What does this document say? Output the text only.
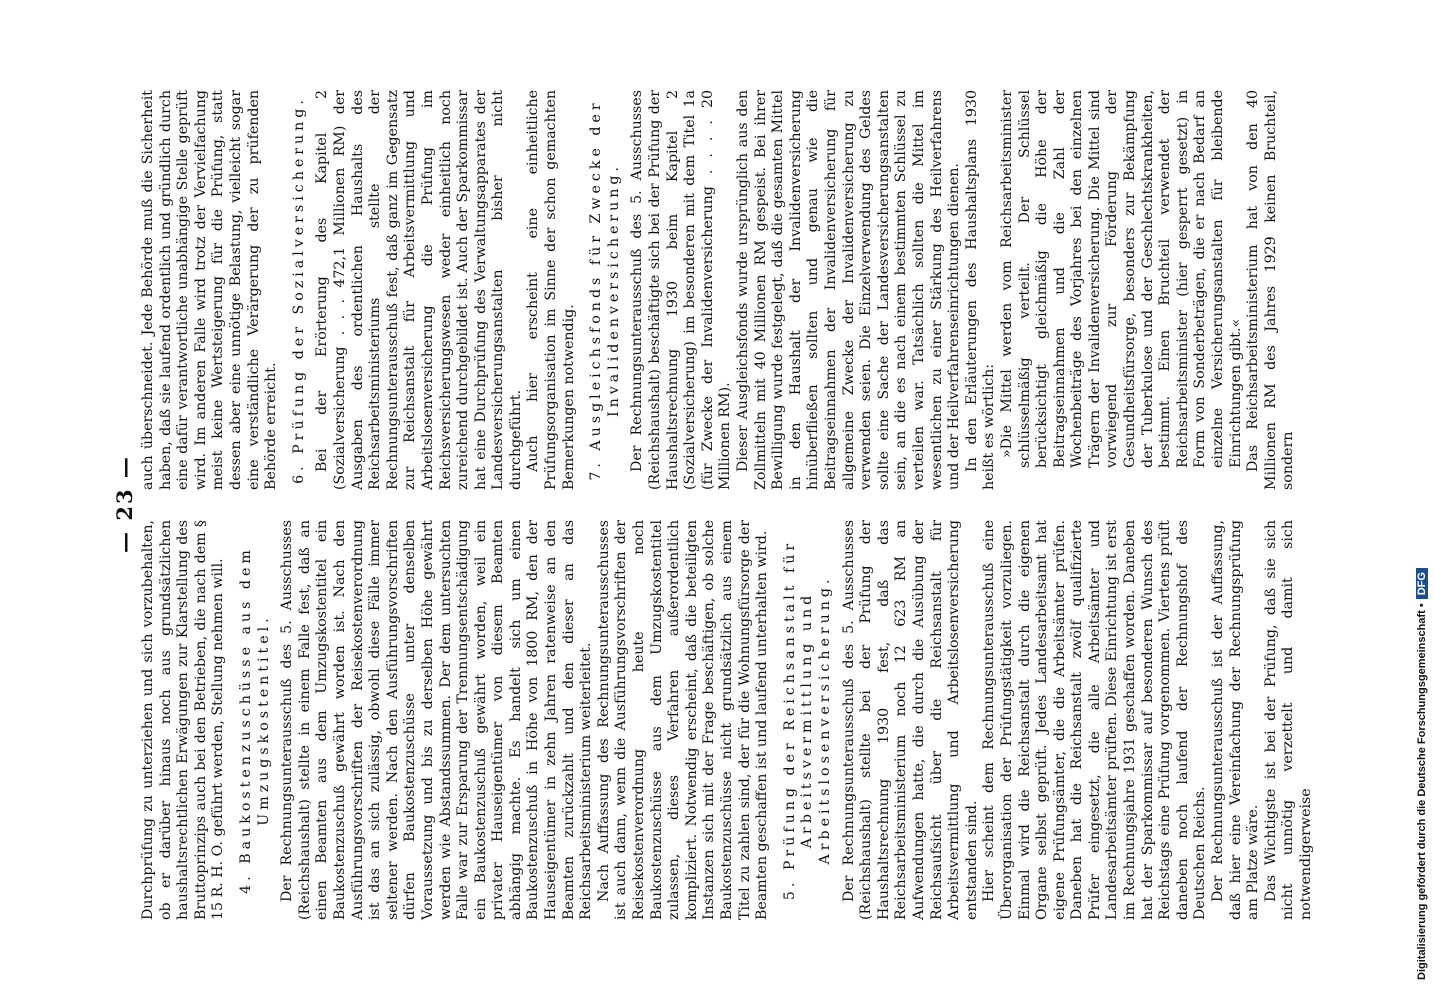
— 23 —

Durchprüfung zu unterziehen und sich vorzubehalten, ob er darüber hinaus noch aus grundsätzlichen haushaltsrechtlichen Erwägungen zur Klarstellung des Bruttoprinzips auch bei den Betrieben, die nach dem § 15 R. H. O. geführt werden, Stellung nehmen will. 4. Baukostenzuschüsse aus dem Umzugskostentitel. Der Rechnungsunterausschuß des 5. Ausschusses (Reichshaushalt) stellte in einem Falle fest, daß an einen Beamten aus dem Umzugskostentitel ein Baukostenzuschuß gewährt worden ist. Nach den Ausführungsvorschriften der Reisekostenverordnung ist das an sich zulässig, obwohl diese Fälle immer seltener werden. Nach den Ausführungsvorschriften dürfen Baukostenzuschüsse unter denselben Voraussetzung und bis zu derselben Höhe gewährt werden wie Abstandssummen. Der dem untersuchten Falle war zur Ersparung der Trennungsentschädigung ein Baukostenzuschuß gewährt worden, weil ein privater Hauseigentümer von diesem Beamten abhängig machte. Es handelt sich um einen Baukostenzuschuß in Höhe von 1800 RM, den der Hauseigentümer in zehn Jahren ratenweise an den Beamten zurückzahlt und den dieser an das Reichsarbeitsministerium weiterleitet. Nach Auffassung des Rechnungsunterausschusses ist auch dann, wenn die Ausführungsvorschriften der Reisekostenverordnung heute noch Baukostenzuschüsse aus dem Umzugskostentitel zulassen, dieses Verfahren außerordentlich kompliziert. Notwendig erscheint, daß die beteiligten Instanzen sich mit der Frage beschäftigen, ob solche Baukostenzuschüsse nicht grundsätzlich aus einem Titel zu zahlen sind, der für die Wohnungsfürsorge der Beamten geschaffen ist und laufend unterhalten wird. 5. Prüfung der Reichsanstalt für Arbeitsvermittlung und Arbeitslosenversicherung. Der Rechnungsunterausschuß des 5. Ausschusses (Reichshaushalt) stellte bei der Prüfung der Haushaltsrechnung 1930 fest, daß das Reichsarbeitsministerium noch 12 623 RM an Aufwendungen hatte, die durch die Ausübung der Reichsaufsicht über die Reichsanstalt für Arbeitsvermittlung und Arbeitslosenversicherung entstanden sind. Hier scheint dem Rechnungsunterausschuß eine Überorganisation der Prüfungstätigkeit vorzuliegen. Einmal wird die Reichsanstalt durch die eigenen Organe selbst geprüft. Jedes Landesarbeitsamt hat eigene Prüfungsämter, die die Arbeitsämter prüfen. Daneben hat die Reichsanstalt zwölf qualifizierte Prüfer eingesetzt, die alle Arbeitsämter und Landesarbeitsämter prüften. Diese Einrichtung ist erst im Rechnungsjahre 1931 geschaffen worden. Daneben hat der Sparkommissar auf besonderen Wunsch des Reichstags eine Prüfung vorgenommen. Viertens prüft daneben noch laufend der Rechnungshof des Deutschen Reichs. Der Rechnungsunterausschuß ist der Auffassung, daß hier eine Vereinfachung der Rechnungsprüfung am Platze wäre. Das Wichtigste ist bei der Prüfung, daß sie sich nicht unnötig verzettelt und damit sich notwendigerweise

auch überschneidet. Jede Behörde muß die Sicherheit haben, daß sie laufend ordentlich und gründlich durch eine dafür verantwortliche unabhängige Stelle geprüft wird. Im anderen Falle wird trotz der Vervielfachung meist keine Wertsteigerung für die Prüfung, statt dessen aber eine unnötige Belastung, vielleicht sogar eine verständliche Verärgerung der zu prüfenden Behörde erreicht. 6. Prüfung der Sozialversicherung. Bei der Erörterung des Kapitel 2 (Sozialversicherung . . . 472,1 Millionen RM) der Ausgaben des ordentlichen Haushalts des Reichsarbeitsministeriums stellte der Rechnungsunterausschuß fest, daß ganz im Gegensatz zur Reichsanstalt für Arbeitsvermittlung und Arbeitslosenversicherung die Prüfung im Reichsversicherungswesen weder einheitlich noch zureichend durchgebildet ist. Auch der Sparkommissar hat eine Durchprüfung des Verwaltungsapparates der Landesversicherungsanstalten bisher nicht durchgeführt. Auch hier erscheint eine einheitliche Prüfungsorganisation im Sinne der schon gemachten Bemerkungen notwendig. 7. Ausgleichsfonds für Zwecke der Invalidenversicherung. Der Rechnungsunterausschuß des 5. Ausschusses (Reichshaushalt) beschäftigte sich bei der Prüfung der Haushaltsrechnung 1930 beim Kapitel 2 (Sozialversicherung) im besonderen mit dem Titel 1a (für Zwecke der Invalidenversicherung . . . . 20 Millionen RM). Dieser Ausgleichsfonds wurde ursprünglich aus den Zollmitteln mit 40 Millionen RM gespeist. Bei ihrer Bewilligung wurde festgelegt, daß die gesamten Mittel in den Haushalt der Invalidenversicherung hinüberfließen sollten und genau wie die Beitragseinnahmen der Invalidenversicherung für allgemeine Zwecke der Invalidenversicherung zu verwenden seien. Die Einzelverwendung des Geldes sollte eine Sache der Landesversicherungsanstalten sein, an die es nach einem bestimmten Schlüssel zu verteilen war. Tatsächlich sollten die Mittel im wesentlichen zu einer Stärkung des Heilverfahrens und der Heilverfahrenseinrichtungen dienen. In den Erläuterungen des Haushaltsplans 1930 heißt es wörtlich: »Die Mittel werden vom Reichsarbeitsminister schlüsselmäßig verteilt. Der Schlüssel berücksichtigt gleichmäßig die Höhe der Beitragseinnahmen und die Zahl der Wochenbeiträge des Vorjahres bei den einzelnen Trägern der Invalidenversicherung. Die Mittel sind vorwiegend zur Förderung der Gesundheitsfürsorge, besonders zur Bekämpfung der Tuberkulose und der Geschlechtskrankheiten, bestimmt. Einen Bruchteil verwendet der Reichsarbeitsminister (hier gesperrt gesetzt) in Form von Sonderbeträgen, die er nach Bedarf an einzelne Versicherungsanstalten für bleibende Einrichtungen gibt.« Das Reichsarbeitsministerium hat von den 40 Millionen RM des Jahres 1929 keinen Bruchteil, sondern

Digitalisierung gefördert durch die Deutsche Forschungsgemeinschaft •DFG
